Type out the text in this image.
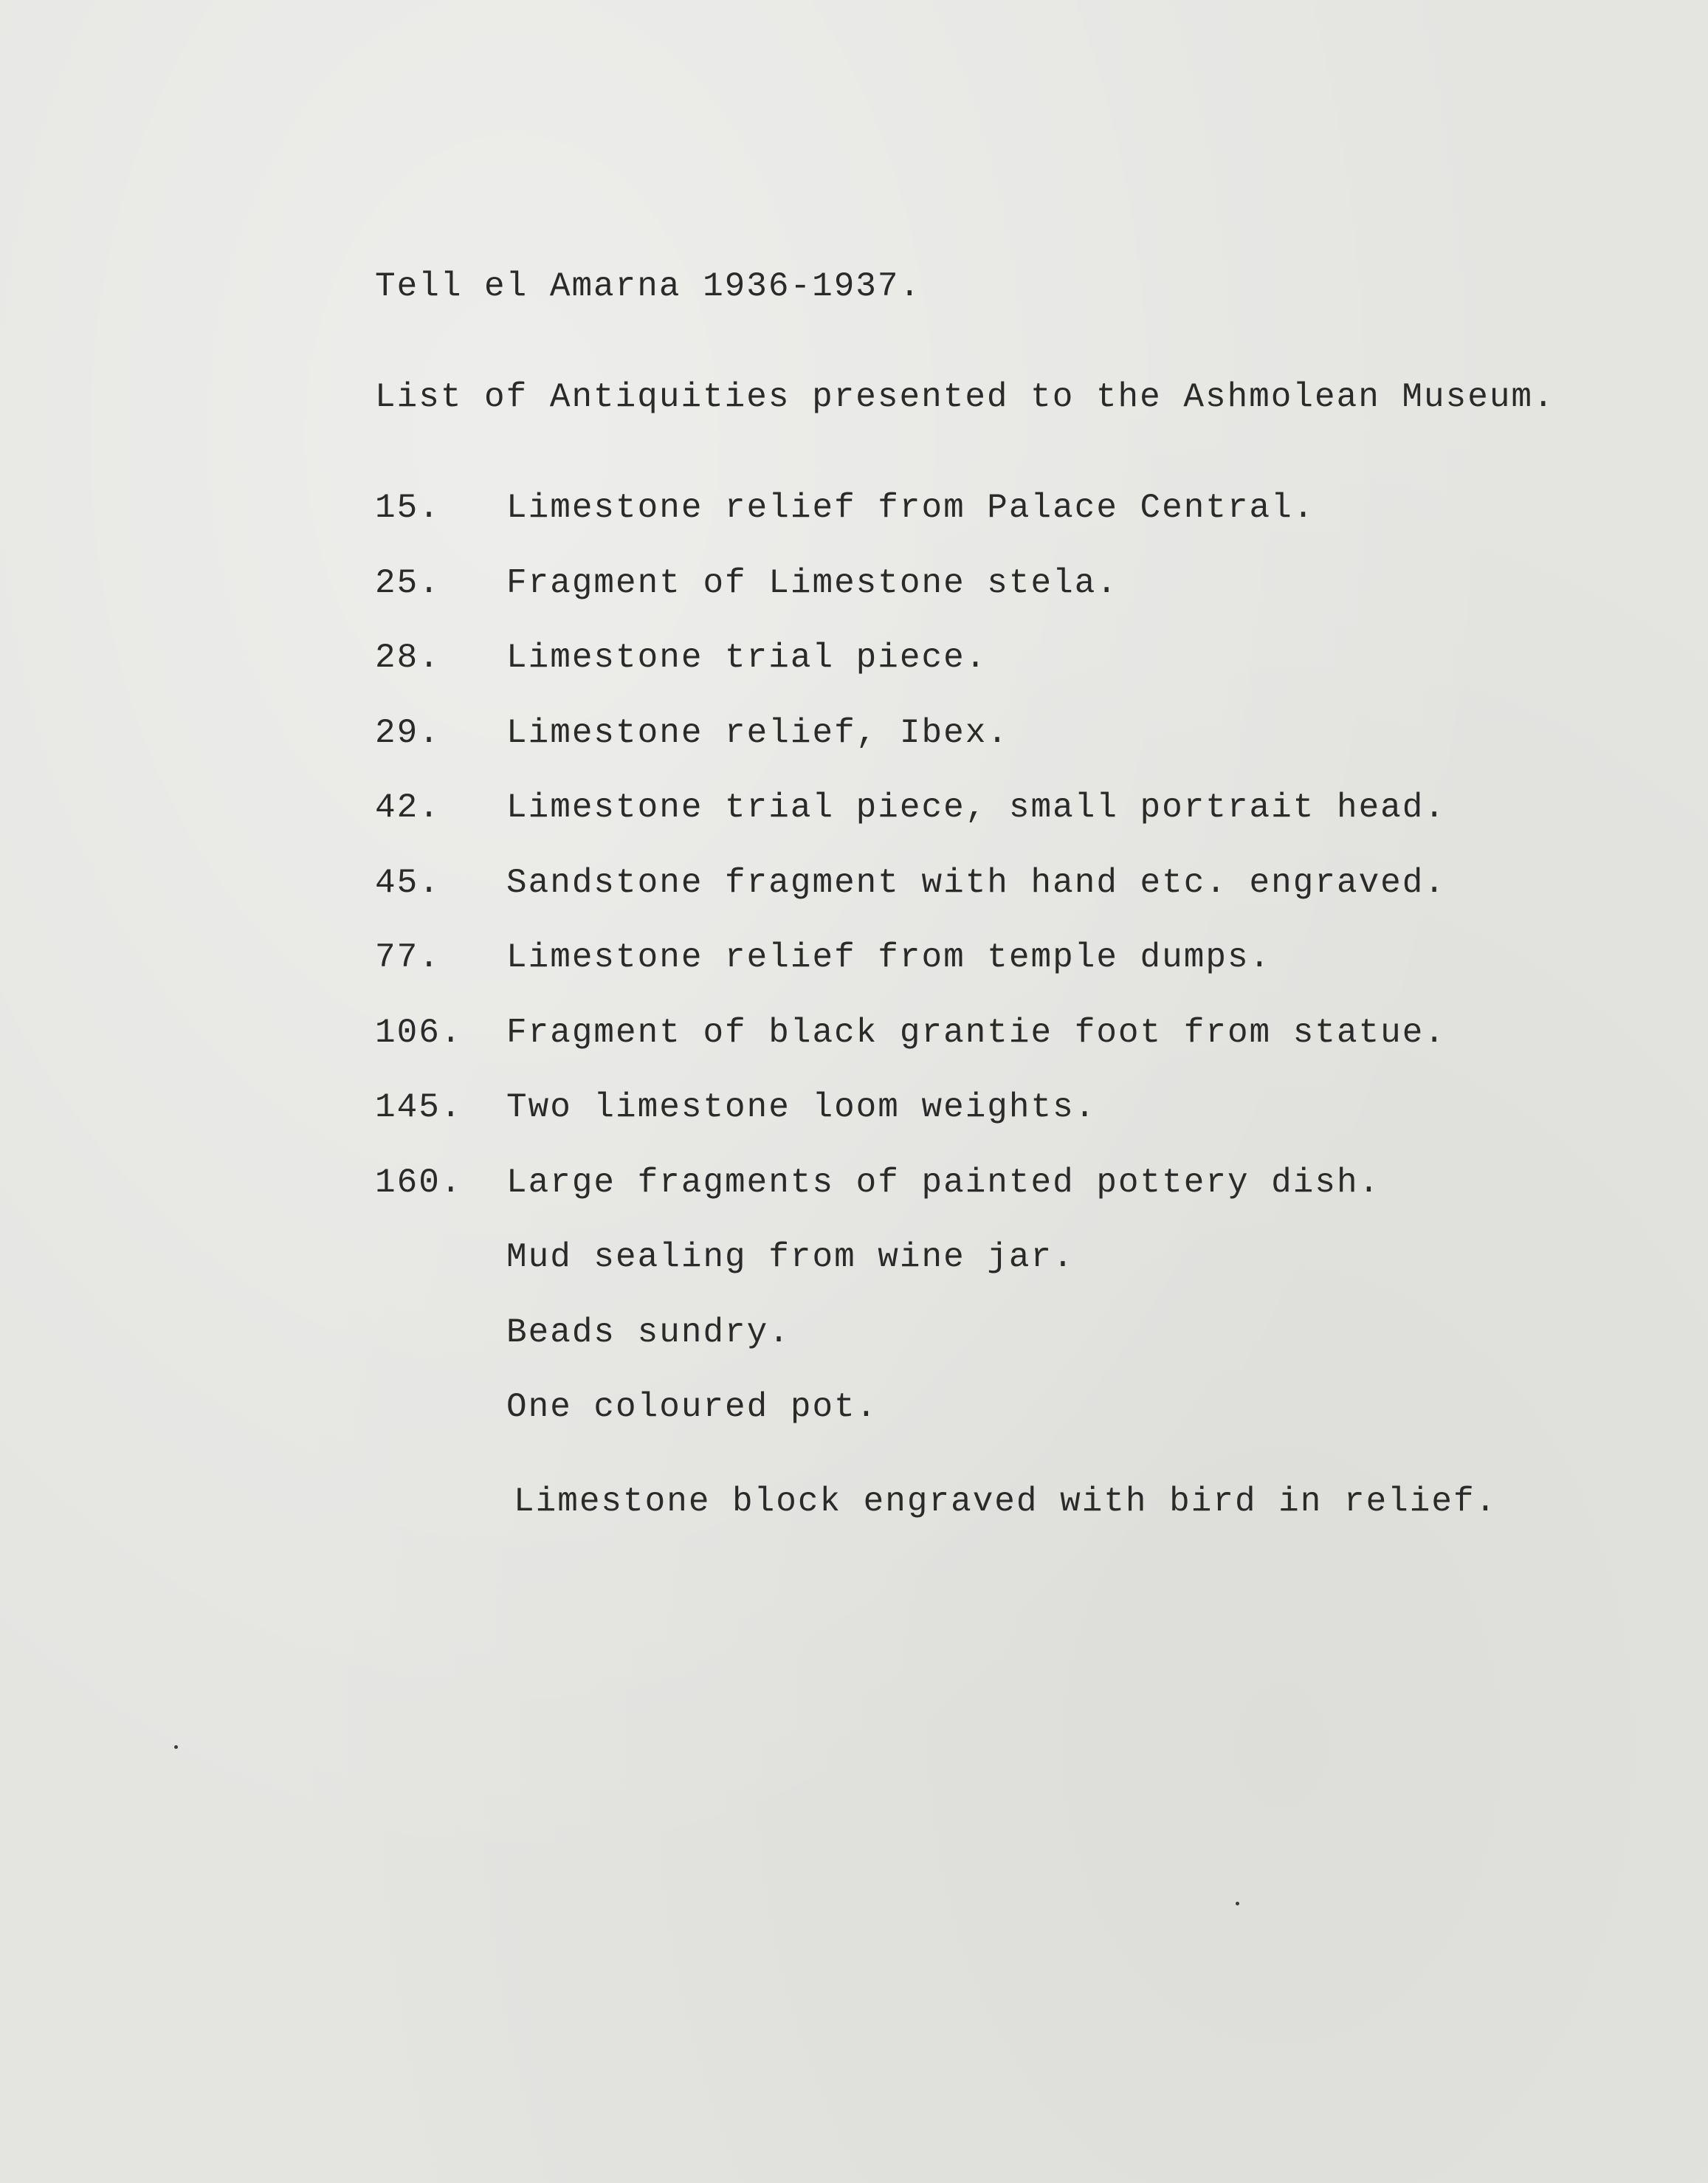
Tell el Amarna 1936-1937.
List of Antiquities presented to the Ashmolean Museum.
15. Limestone relief from Palace Central.
25. Fragment of Limestone stela.
28. Limestone trial piece.
29. Limestone relief, Ibex.
42. Limestone trial piece, small portrait head.
45. Sandstone fragment with hand etc. engraved.
77. Limestone relief from temple dumps.
106. Fragment of black grantie foot from statue.
145. Two limestone loom weights.
160. Large fragments of painted pottery dish.
Mud sealing from wine jar.
Beads sundry.
One coloured pot.
Limestone block engraved with bird in relief.
